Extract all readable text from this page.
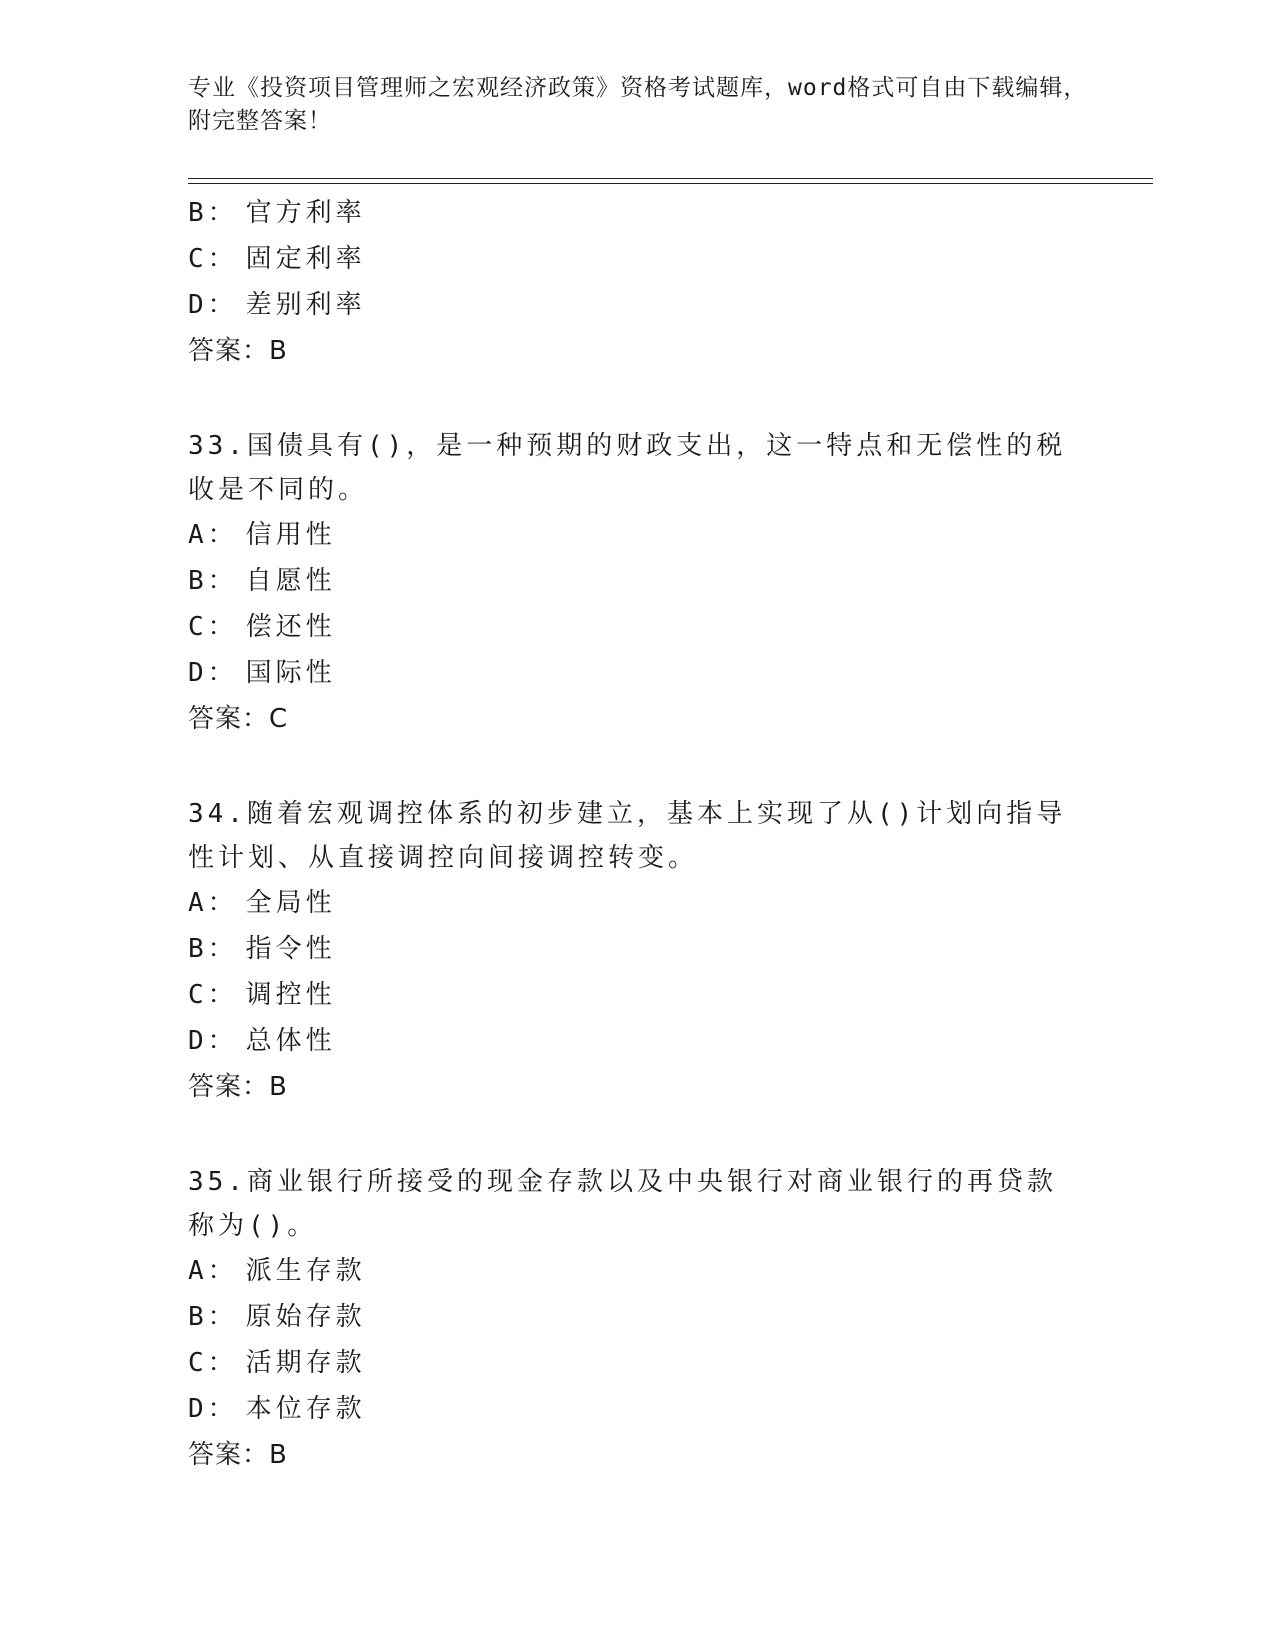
专业《投资项目管理师之宏观经济政策》资格考试题库，word格式可自由下载编辑，附完整答案！
B： 官方利率
C： 固定利率
D： 差别利率
答案：B
33.国债具有()，是一种预期的财政支出，这一特点和无偿性的税收是不同的。
A： 信用性
B： 自愿性
C： 偿还性
D： 国际性
答案：C
34.随着宏观调控体系的初步建立，基本上实现了从()计划向指导性计划、从直接调控向间接调控转变。
A： 全局性
B： 指令性
C： 调控性
D： 总体性
答案：B
35.商业银行所接受的现金存款以及中央银行对商业银行的再贷款称为()。
A： 派生存款
B： 原始存款
C： 活期存款
D： 本位存款
答案：B
